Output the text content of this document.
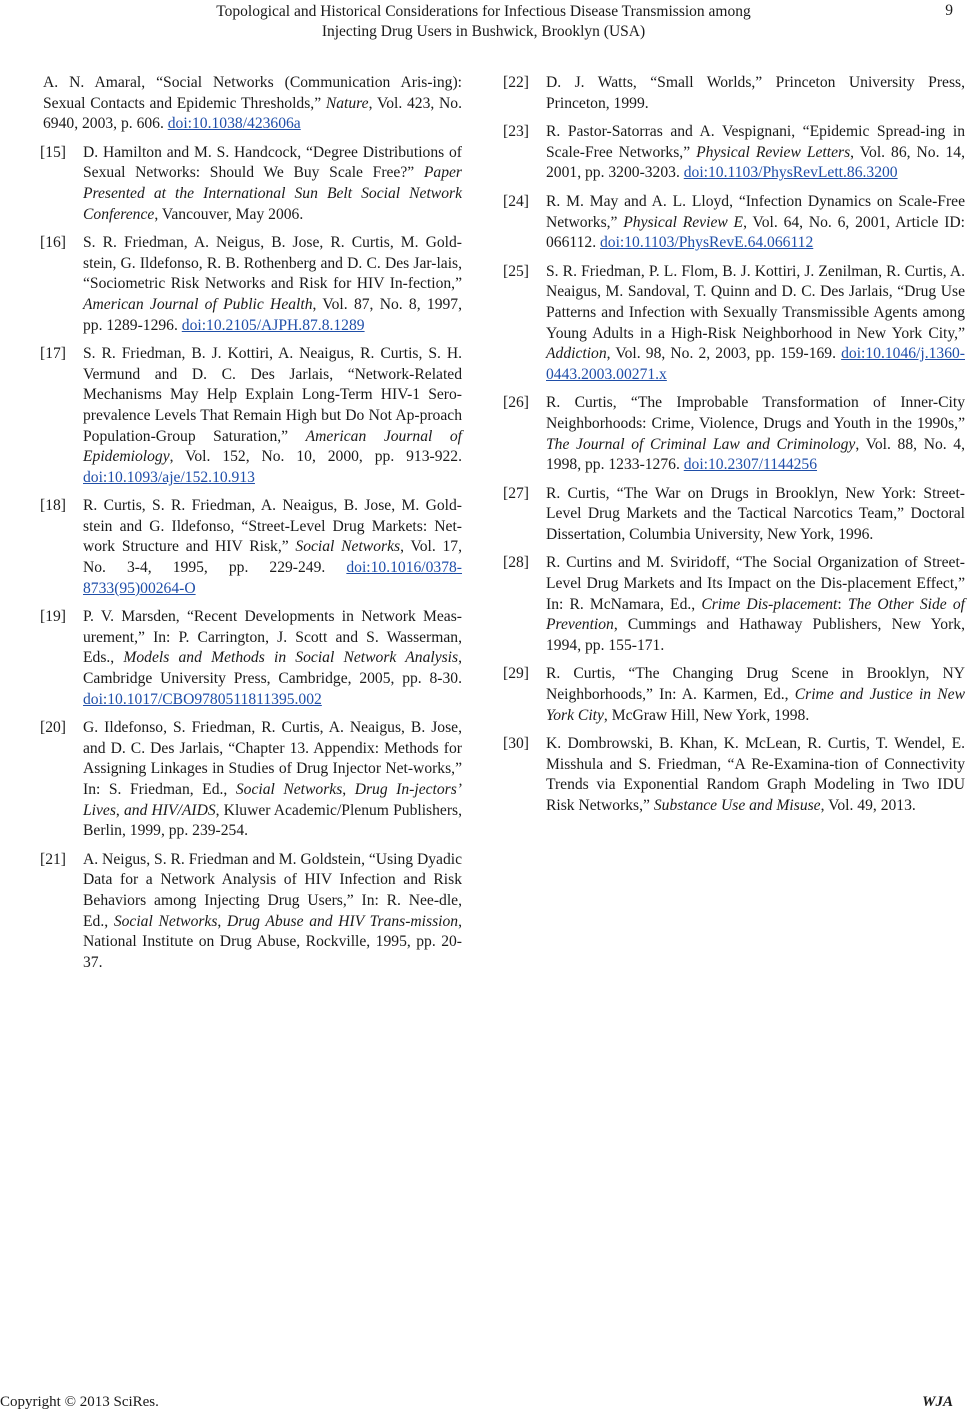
Topological and Historical Considerations for Infectious Disease Transmission among
Injecting Drug Users in Bushwick, Brooklyn (USA)
9
A. N. Amaral, “Social Networks (Communication Aris-ing): Sexual Contacts and Epidemic Thresholds,” Nature, Vol. 423, No. 6940, 2003, p. 606. doi:10.1038/423606a
[15] D. Hamilton and M. S. Handcock, “Degree Distributions of Sexual Networks: Should We Buy Scale Free?” Paper Presented at the International Sun Belt Social Network Conference, Vancouver, May 2006.
[16] S. R. Friedman, A. Neigus, B. Jose, R. Curtis, M. Gold-stein, G. Ildefonso, R. B. Rothenberg and D. C. Des Jar-lais, “Sociometric Risk Networks and Risk for HIV In-fection,” American Journal of Public Health, Vol. 87, No. 8, 1997, pp. 1289-1296. doi:10.2105/AJPH.87.8.1289
[17] S. R. Friedman, B. J. Kottiri, A. Neaigus, R. Curtis, S. H. Vermund and D. C. Des Jarlais, “Network-Related Mechanisms May Help Explain Long-Term HIV-1 Sero-prevalence Levels That Remain High but Do Not Ap-proach Population-Group Saturation,” American Journal of Epidemiology, Vol. 152, No. 10, 2000, pp. 913-922. doi:10.1093/aje/152.10.913
[18] R. Curtis, S. R. Friedman, A. Neaigus, B. Jose, M. Gold-stein and G. Ildefonso, “Street-Level Drug Markets: Net-work Structure and HIV Risk,” Social Networks, Vol. 17, No. 3-4, 1995, pp. 229-249. doi:10.1016/0378-8733(95)00264-O
[19] P. V. Marsden, “Recent Developments in Network Meas-urement,” In: P. Carrington, J. Scott and S. Wasserman, Eds., Models and Methods in Social Network Analysis, Cambridge University Press, Cambridge, 2005, pp. 8-30. doi:10.1017/CBO9780511811395.002
[20] G. Ildefonso, S. Friedman, R. Curtis, A. Neaigus, B. Jose, and D. C. Des Jarlais, “Chapter 13. Appendix: Methods for Assigning Linkages in Studies of Drug Injector Net-works,” In: S. Friedman, Ed., Social Networks, Drug In-jectors’ Lives, and HIV/AIDS, Kluwer Academic/Plenum Publishers, Berlin, 1999, pp. 239-254.
[21] A. Neigus, S. R. Friedman and M. Goldstein, “Using Dyadic Data for a Network Analysis of HIV Infection and Risk Behaviors among Injecting Drug Users,” In: R. Nee-dle, Ed., Social Networks, Drug Abuse and HIV Trans-mission, National Institute on Drug Abuse, Rockville, 1995, pp. 20-37.
[22] D. J. Watts, “Small Worlds,” Princeton University Press, Princeton, 1999.
[23] R. Pastor-Satorras and A. Vespignani, “Epidemic Spread-ing in Scale-Free Networks,” Physical Review Letters, Vol. 86, No. 14, 2001, pp. 3200-3203. doi:10.1103/PhysRevLett.86.3200
[24] R. M. May and A. L. Lloyd, “Infection Dynamics on Scale-Free Networks,” Physical Review E, Vol. 64, No. 6, 2001, Article ID: 066112. doi:10.1103/PhysRevE.64.066112
[25] S. R. Friedman, P. L. Flom, B. J. Kottiri, J. Zenilman, R. Curtis, A. Neaigus, M. Sandoval, T. Quinn and D. C. Des Jarlais, “Drug Use Patterns and Infection with Sexually Transmissible Agents among Young Adults in a High-Risk Neighborhood in New York City,” Addiction, Vol. 98, No. 2, 2003, pp. 159-169. doi:10.1046/j.1360-0443.2003.00271.x
[26] R. Curtis, “The Improbable Transformation of Inner-City Neighborhoods: Crime, Violence, Drugs and Youth in the 1990s,” The Journal of Criminal Law and Criminology, Vol. 88, No. 4, 1998, pp. 1233-1276. doi:10.2307/1144256
[27] R. Curtis, “The War on Drugs in Brooklyn, New York: Street-Level Drug Markets and the Tactical Narcotics Team,” Doctoral Dissertation, Columbia University, New York, 1996.
[28] R. Curtins and M. Sviridoff, “The Social Organization of Street-Level Drug Markets and Its Impact on the Dis-placement Effect,” In: R. McNamara, Ed., Crime Dis-placement: The Other Side of Prevention, Cummings and Hathaway Publishers, New York, 1994, pp. 155-171.
[29] R. Curtis, “The Changing Drug Scene in Brooklyn, NY Neighborhoods,” In: A. Karmen, Ed., Crime and Justice in New York City, McGraw Hill, New York, 1998.
[30] K. Dombrowski, B. Khan, K. McLean, R. Curtis, T. Wendel, E. Misshula and S. Friedman, “A Re-Examina-tion of Connectivity Trends via Exponential Random Graph Modeling in Two IDU Risk Networks,” Substance Use and Misuse, Vol. 49, 2013.
Copyright © 2013 SciRes.	WJA
